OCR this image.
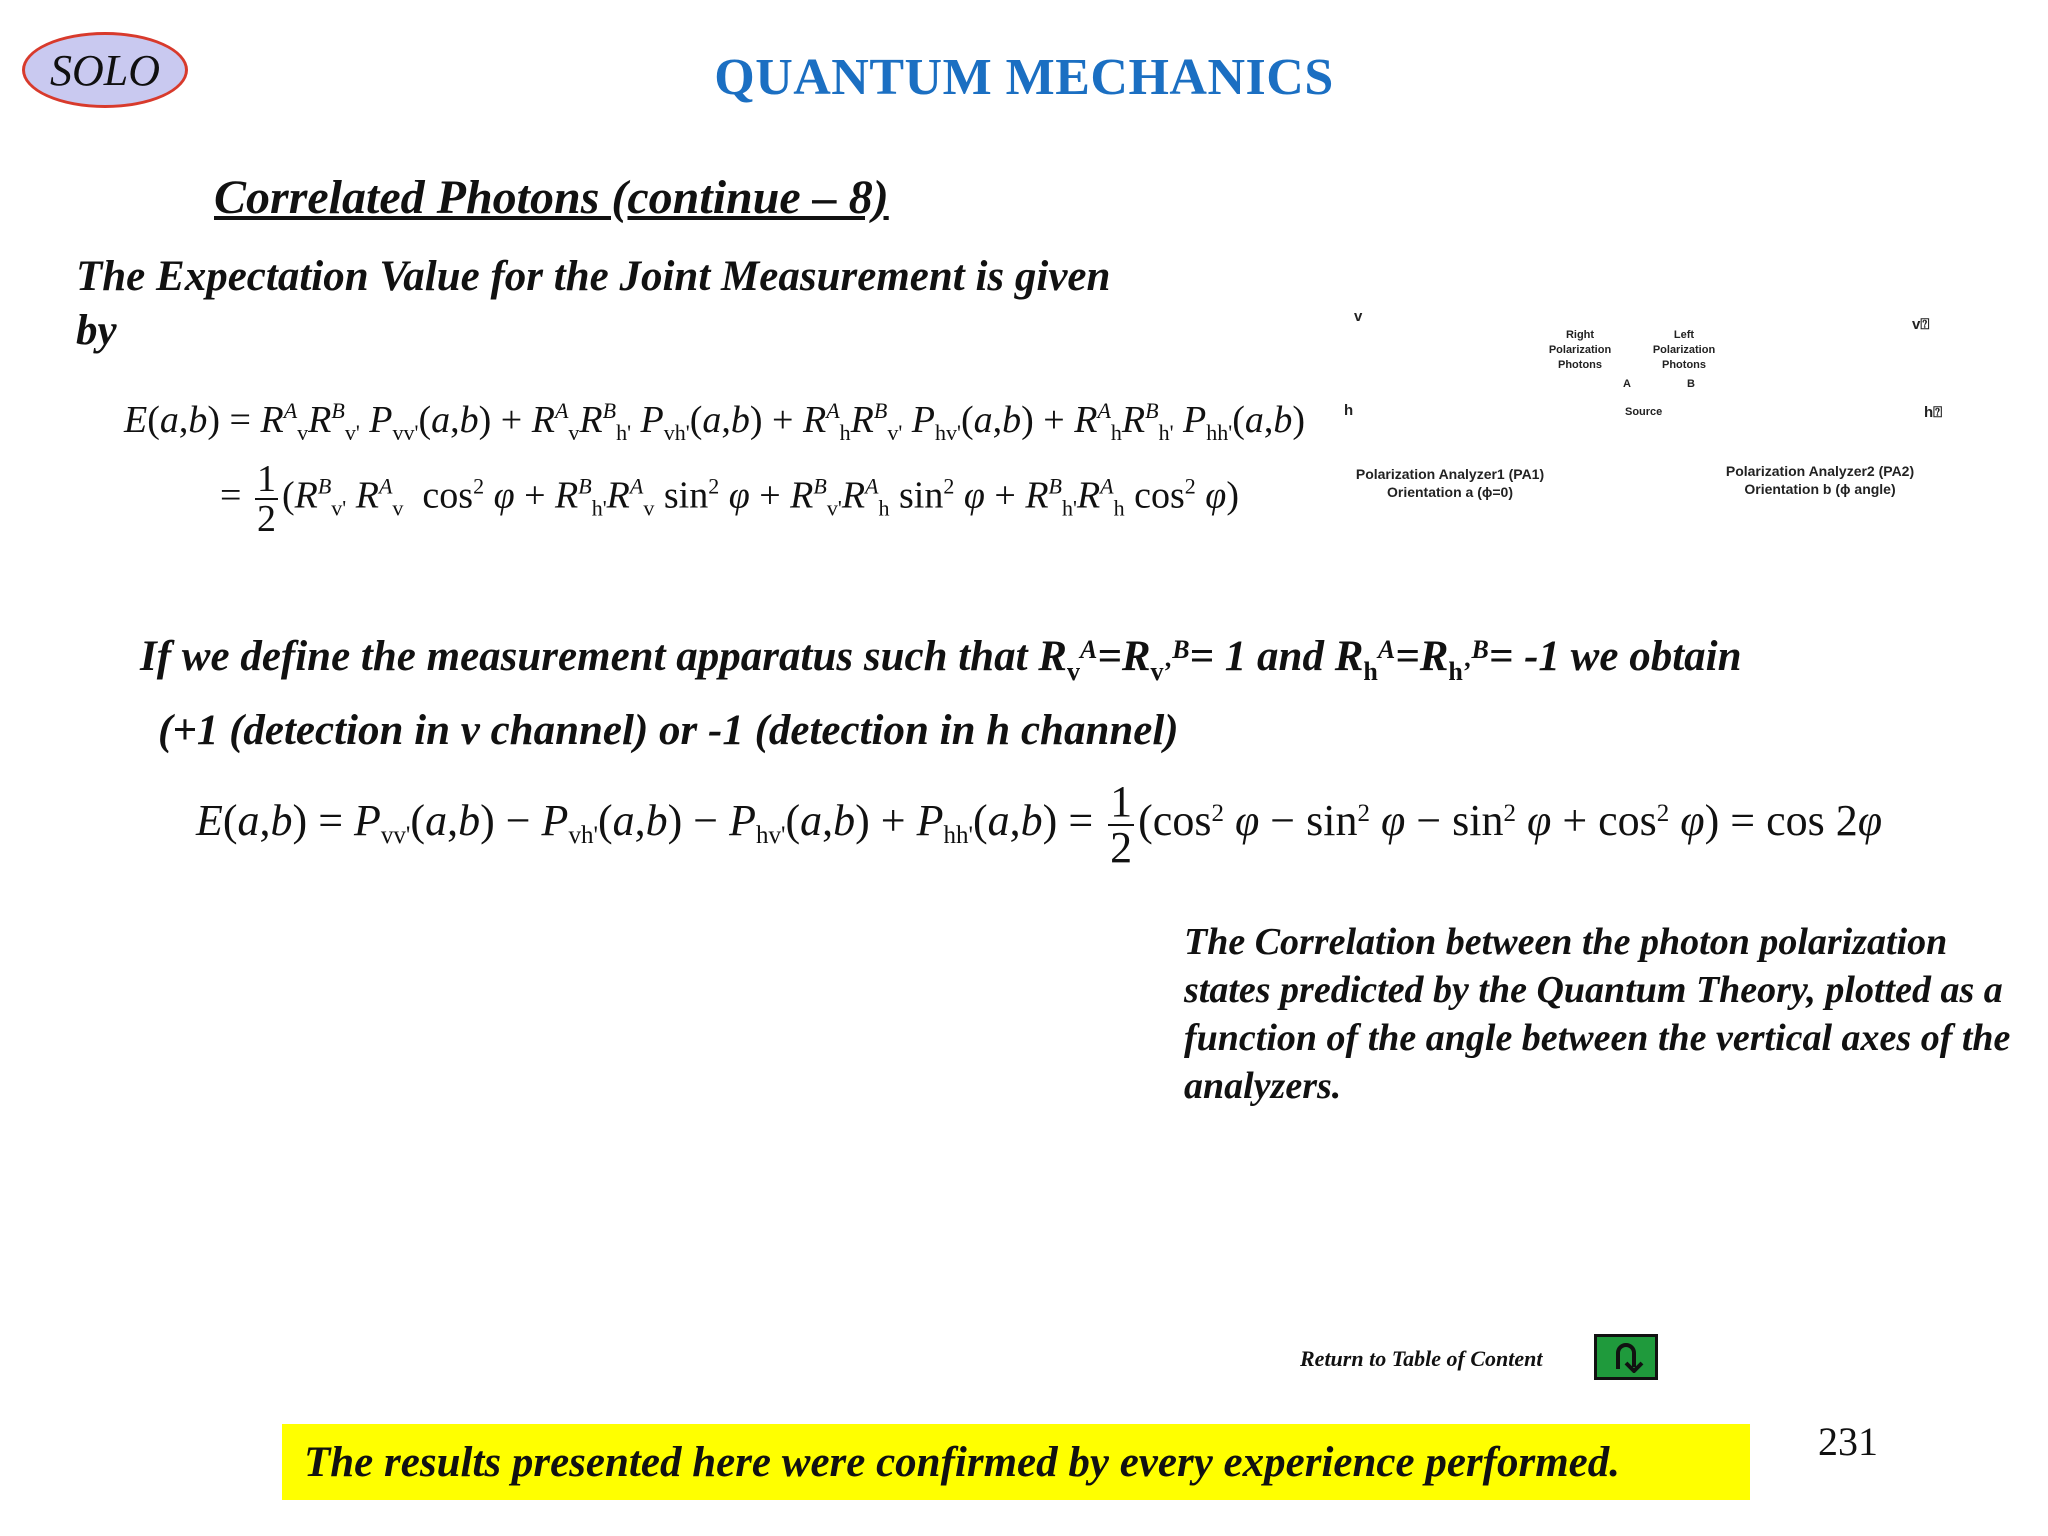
SOLO	QUANTUM MECHANICS
Correlated Photons (continue – 8)
The Expectation Value for the Joint Measurement is given by
$E(a,b) = R^A_vR^B_{v'}$ $P_{vv'}(a,b) + R^A_vR^B_{h'}$ $P_{vh'}(a,b) + R^A_hR^B_{v'}$ $P_{hv'}(a,b) + R^A_hR^B_{h'}$ $P_{hh'}(a,b)$
= $\frac{1}{2} (R^B_{v'}$ $R^A_v$  $\cos^2 \varphi + R^B_{h'}R^A_v$ $\sin^2 \varphi + R^B_{v'}R^A_h$ $\sin^2 \varphi + R^B_{h'}R^A_h$ $\cos^2 \varphi$)
If we define the measurement apparatus such that $R_v^A=R_{v’}^B= 1$ and $R_h^A=R_{h’}^B= -1$ we obtain
(+1 (detection in v channel) or -1 (detection in h channel)
$E(a,b) = P_{vv'}(a,b) - P_{vh'}(a,b) - P_{hv'}(a,b) + P_{hh'}(a,b) = \frac{1}{2} (\cos^2$ $\varphi - \sin^2 \varphi - \sin^2 \varphi + \cos^2 \varphi) = \cos 2\varphi$
v	v⍰
Right Polarization Photons
Left Polarization Photons
A	B
h	Source	h⍰
Polarization Analyzer1 (PA1)
Orientation a (ϕ=0)
Polarization Analyzer2 (PA2)
Orientation b (ϕ angle)
The Correlation between the photon polarization states predicted by the Quantum Theory, plotted as a function of the angle between the vertical axes of the analyzers.
Return to Table of Content
The results presented here were confirmed by every experience performed.	231
